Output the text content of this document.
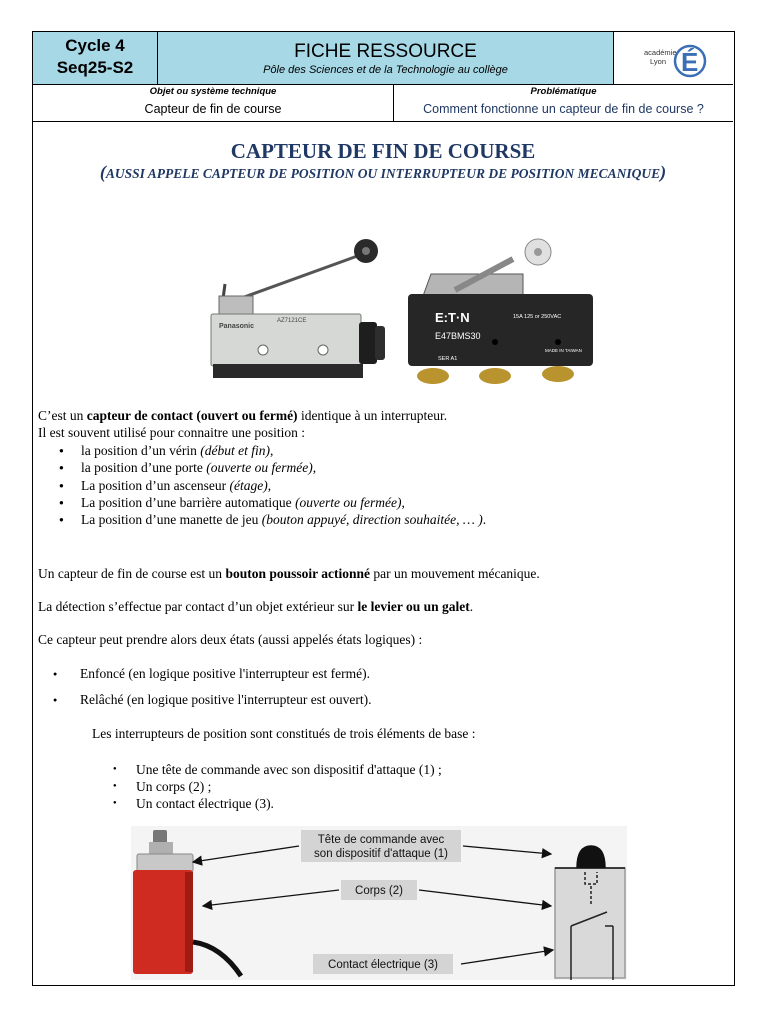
Cycle 4
Seq25-S2
FICHE RESSOURCE
Pôle des Sciences et de la Technologie au collège
académie
Lyon É
Objet ou système technique
Capteur de fin de course
Problématique
Comment fonctionne un capteur de fin de course ?
CAPTEUR DE FIN DE COURSE
(AUSSI APPELE CAPTEUR DE POSITION OU INTERRUPTEUR DE POSITION MECANIQUE)
Panasonic
AZ7121CE	E:T·N
E47BMS30
15A 125 or 250VAC
SER A1
MADE IN TAIWAN
C’est un capteur de contact (ouvert ou fermé) identique à un interrupteur.
Il est souvent utilisé pour connaitre une position :
● la position d’un vérin (début et fin),
● la position d’une porte (ouverte ou fermée),
● La position d’un ascenseur (étage),
● La position d’une barrière automatique (ouverte ou fermée),
● La position d’une manette de jeu (bouton appuyé, direction souhaitée, … ).
Un capteur de fin de course est un bouton poussoir actionné par un mouvement mécanique.
La détection s’effectue par contact d’un objet extérieur sur le levier ou un galet.
Ce capteur peut prendre alors deux états (aussi appelés états logiques) :
● Enfoncé (en logique positive l'interrupteur est fermé).
● Relâché (en logique positive l'interrupteur est ouvert).
Les interrupteurs de position sont constitués de trois éléments de base :
● Une tête de commande avec son dispositif d'attaque (1) ;
● Un corps (2) ;
● Un contact électrique (3).
Tête de commande avec
son dispositif d'attaque (1)
Corps (2)
Contact électrique (3)
